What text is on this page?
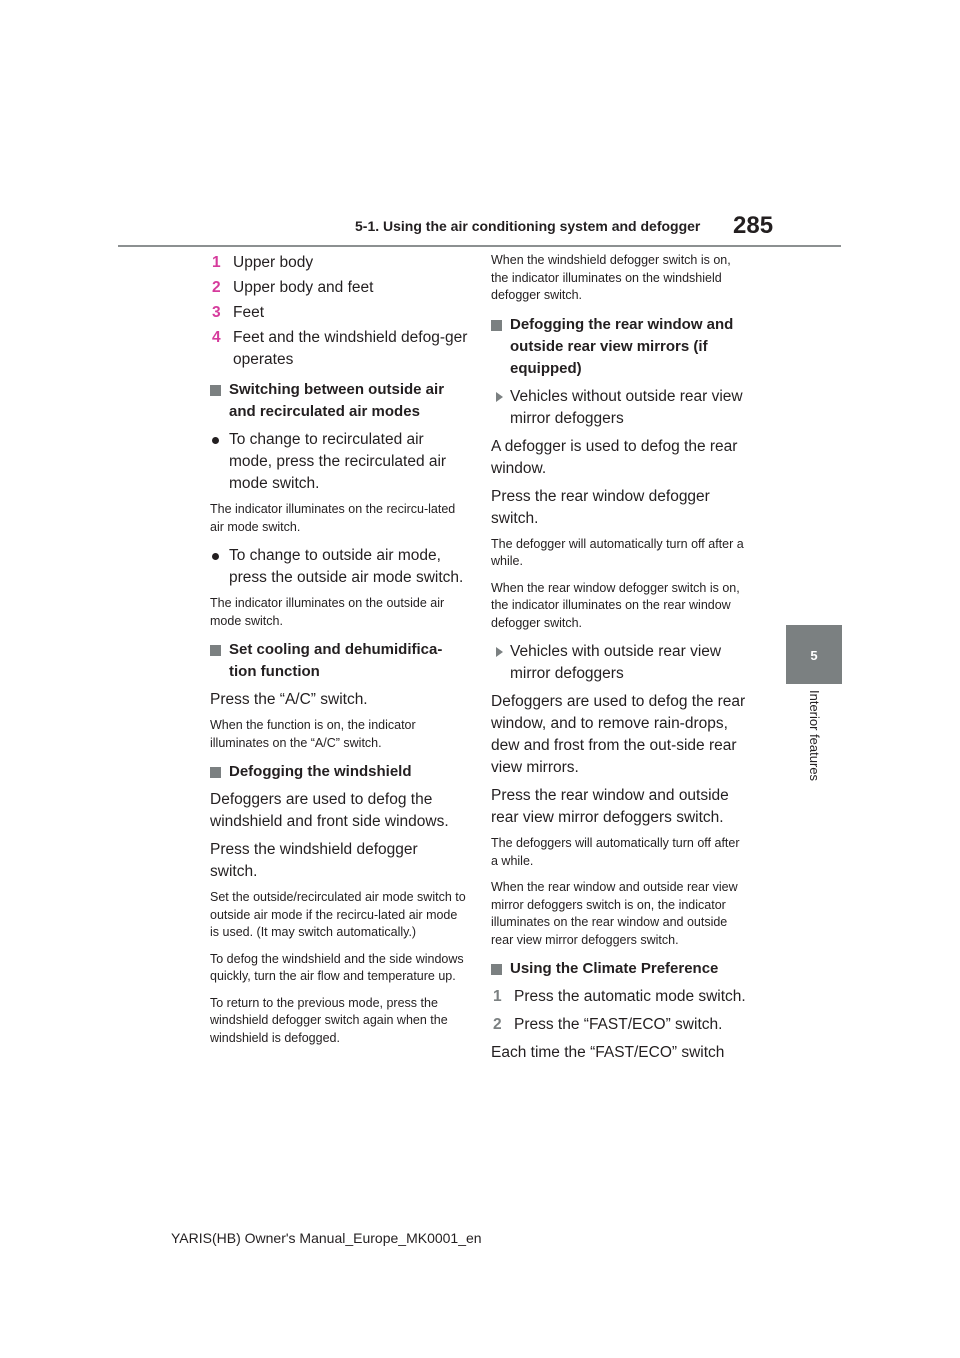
5-1. Using the air conditioning system and defogger 285
5
Interior features
1 Upper body
2 Upper body and feet
3 Feet
4 Feet and the windshield defog-ger operates
Switching between outside air and recirculated air modes
To change to recirculated air mode, press the recirculated air mode switch.
The indicator illuminates on the recircu-lated air mode switch.
To change to outside air mode, press the outside air mode switch.
The indicator illuminates on the outside air mode switch.
Set cooling and dehumidifica-tion function
Press the “A/C” switch.
When the function is on, the indicator illuminates on the “A/C” switch.
Defogging the windshield
Defoggers are used to defog the windshield and front side windows.
Press the windshield defogger switch.
Set the outside/recirculated air mode switch to outside air mode if the recircu-lated air mode is used. (It may switch automatically.)
To defog the windshield and the side windows quickly, turn the air flow and temperature up.
To return to the previous mode, press the windshield defogger switch again when the windshield is defogged.
When the windshield defogger switch is on, the indicator illuminates on the windshield defogger switch.
Defogging the rear window and outside rear view mirrors (if equipped)
Vehicles without outside rear view mirror defoggers
A defogger is used to defog the rear window.
Press the rear window defogger switch.
The defogger will automatically turn off after a while.
When the rear window defogger switch is on, the indicator illuminates on the rear window defogger switch.
Vehicles with outside rear view mirror defoggers
Defoggers are used to defog the rear window, and to remove rain-drops, dew and frost from the out-side rear view mirrors.
Press the rear window and outside rear view mirror defoggers switch.
The defoggers will automatically turn off after a while.
When the rear window and outside rear view mirror defoggers switch is on, the indicator illuminates on the rear window and outside rear view mirror defoggers switch.
Using the Climate Preference
1 Press the automatic mode switch.
2 Press the “FAST/ECO” switch.
Each time the “FAST/ECO” switch
YARIS(HB) Owner's Manual_Europe_MK0001_en
